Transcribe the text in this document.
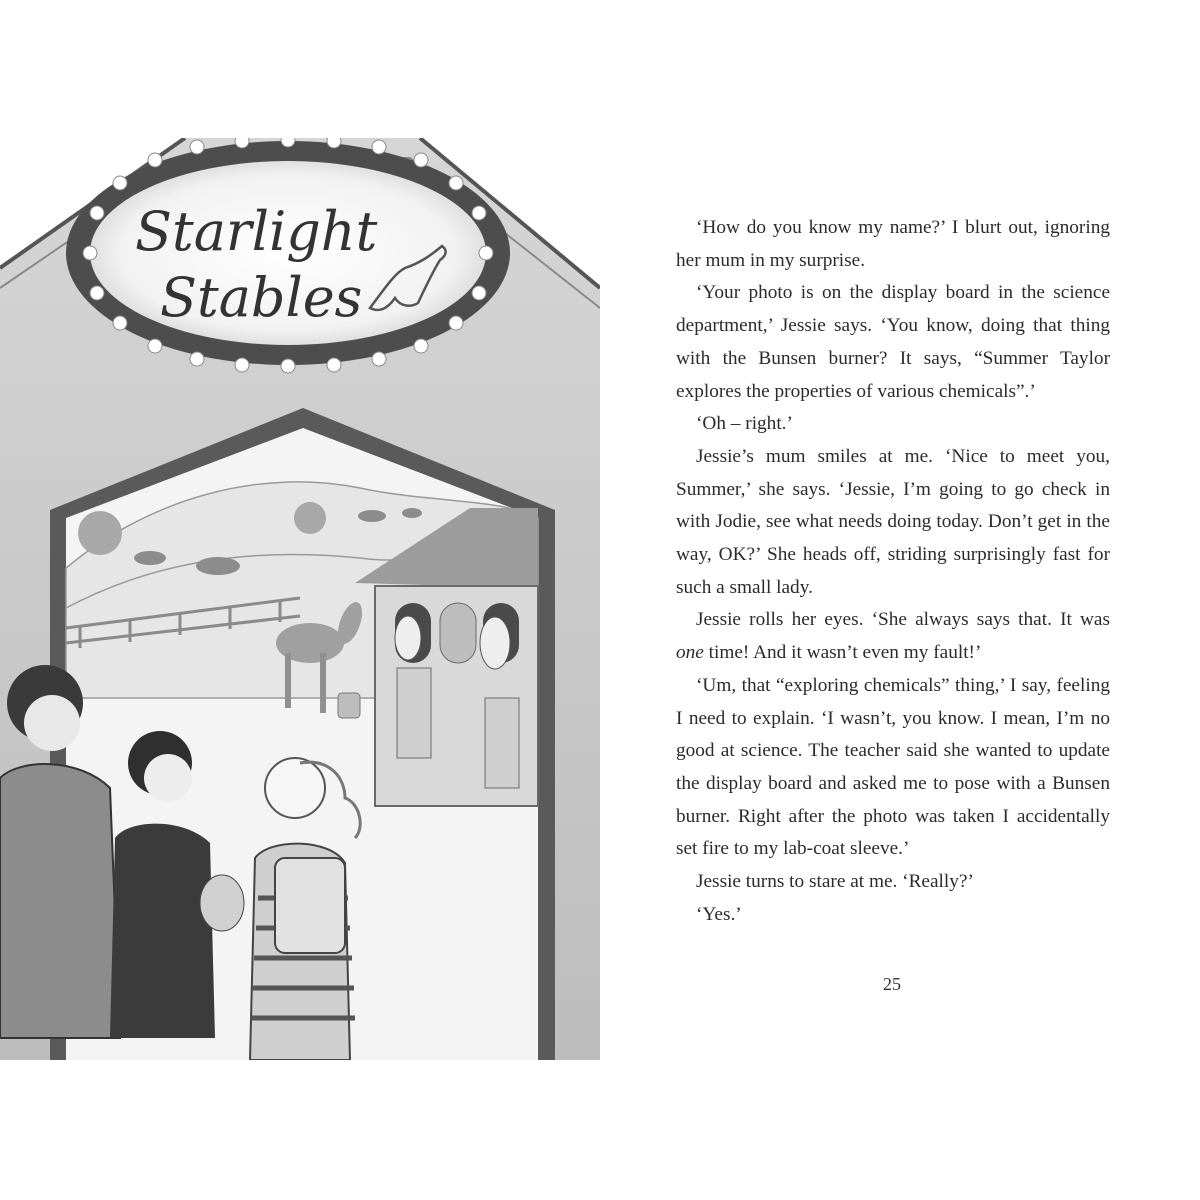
Starlight
Stables

‘How do you know my name?’ I blurt out, ignoring her mum in my surprise.

‘Your photo is on the display board in the science department,’ Jessie says. ‘You know, doing that thing with the Bunsen burner? It says, “Summer Taylor explores the properties of various chemicals”.’

‘Oh – right.’

Jessie’s mum smiles at me. ‘Nice to meet you, Summer,’ she says. ‘Jessie, I’m going to go check in with Jodie, see what needs doing today. Don’t get in the way, OK?’ She heads off, striding surprisingly fast for such a small lady.

Jessie rolls her eyes. ‘She always says that. It was one time! And it wasn’t even my fault!’

‘Um, that “exploring chemicals” thing,’ I say, feeling I need to explain. ‘I wasn’t, you know. I mean, I’m no good at science. The teacher said she wanted to update the display board and asked me to pose with a Bunsen burner. Right after the photo was taken I accidentally set fire to my lab-coat sleeve.’

Jessie turns to stare at me. ‘Really?’

‘Yes.’

25
